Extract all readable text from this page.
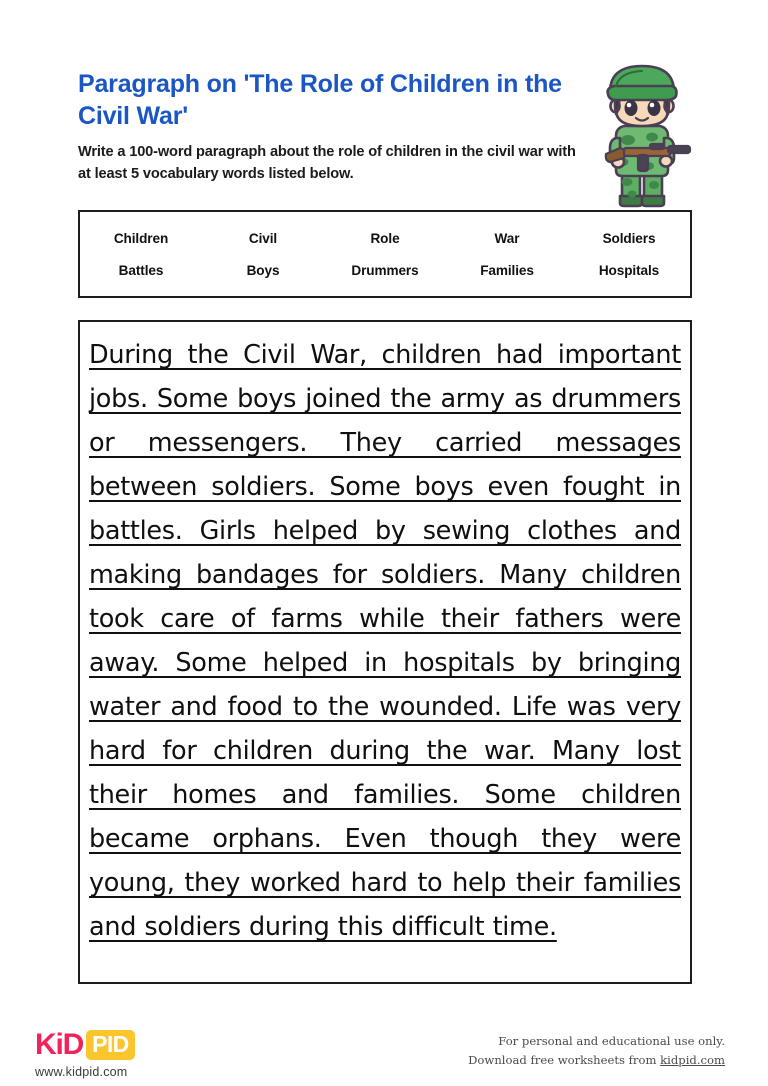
Paragraph on 'The Role of Children in the Civil War'
Write a 100-word paragraph about the role of children in the civil war with at least 5 vocabulary words listed below.
Children	Civil	Role	War	Soldiers
Battles	Boys	Drummers	Families	Hospitals
During the Civil War, children had important jobs. Some boys joined the army as drummers or messengers. They carried messages between soldiers. Some boys even fought in battles. Girls helped by sewing clothes and making bandages for soldiers. Many children took care of farms while their fathers were away. Some helped in hospitals by bringing water and food to the wounded. Life was very hard for children during the war. Many lost their homes and families. Some children became orphans. Even though they were young, they worked hard to help their families and soldiers during this difficult time.
KiD PID
www.kidpid.com
For personal and educational use only.
Download free worksheets from kidpid.com
